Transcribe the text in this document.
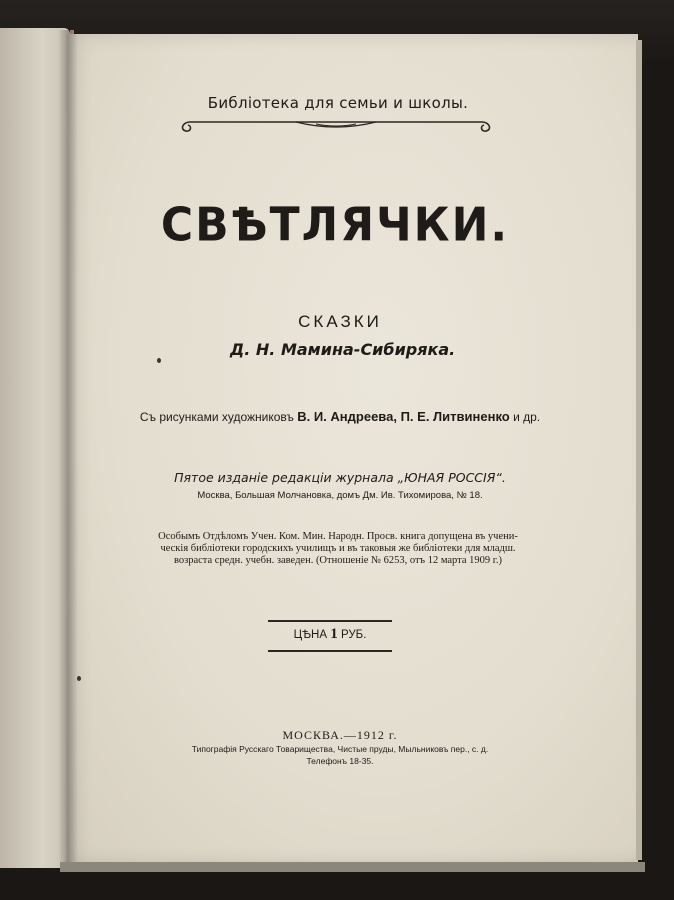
Библiотека для семьи и школы.
СВѢТЛЯЧКИ.
СКАЗКИ
Д. Н. Мамина-Сибиряка.
Съ рисунками художниковъ В. И. Андреева, П. Е. Литвиненко и др.
Пятое изданiе редакцiи журнала „ЮНАЯ РОССIЯ“.
Москва, Большая Молчановка, домъ Дм. Ив. Тихомирова, № 18.
Особымъ Отдѣломъ Учен. Ком. Мин. Народн. Просв. книга допущена въ учени-
ческiя библiотеки городскихъ училищъ и въ таковыя же библiотеки для младш.
возраста средн. учебн. заведен. (Отношенiе № 6253, отъ 12 марта 1909 г.)
ЦѢНА 1 РУБ.
МОСКВА.—1912 г.
Типографiя Русскаго Товарищества, Чистые пруды, Мыльниковъ пер., с. д.
Телефонъ 18-35.
